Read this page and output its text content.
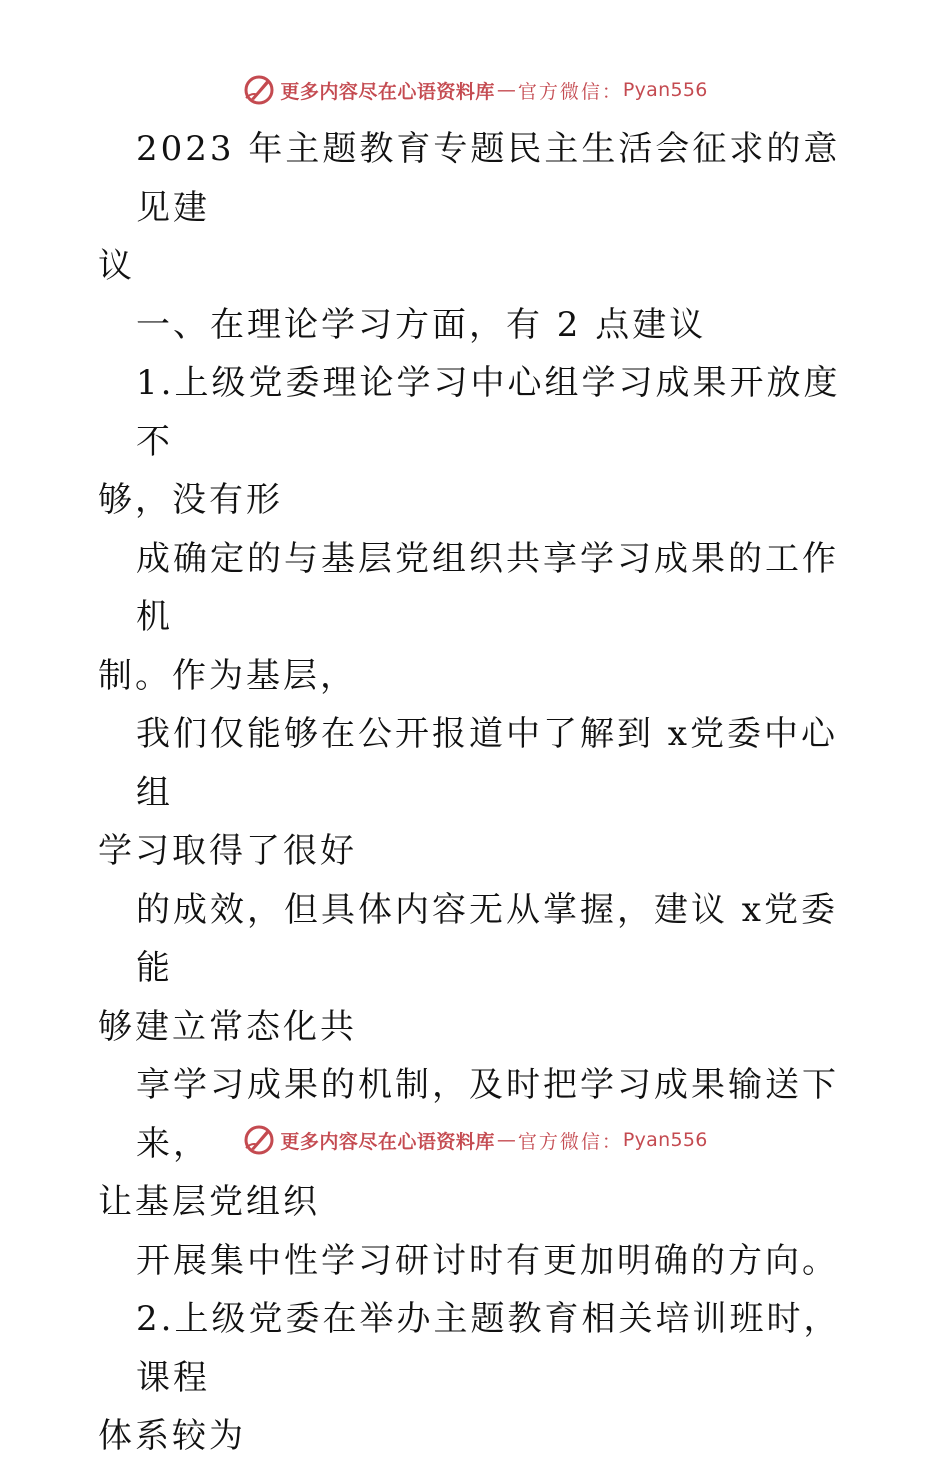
更多内容尽在心语资料库 — 官方微信： Pyan556

2023 年主题教育专题民主生活会征求的意见建

议

一、在理论学习方面，有 2 点建议

1.上级党委理论学习中心组学习成果开放度不

够，没有形

成确定的与基层党组织共享学习成果的工作机

制。作为基层，

我们仅能够在公开报道中了解到 x党委中心组

学习取得了很好

的成效，但具体内容无从掌握，建议 x党委能

够建立常态化共

享学习成果的机制，及时把学习成果输送下来，

让基层党组织

开展集中性学习研讨时有更加明确的方向。

2.上级党委在举办主题教育相关培训班时，课程

体系较为

更多内容尽在心语资料库 — 官方微信： Pyan556
